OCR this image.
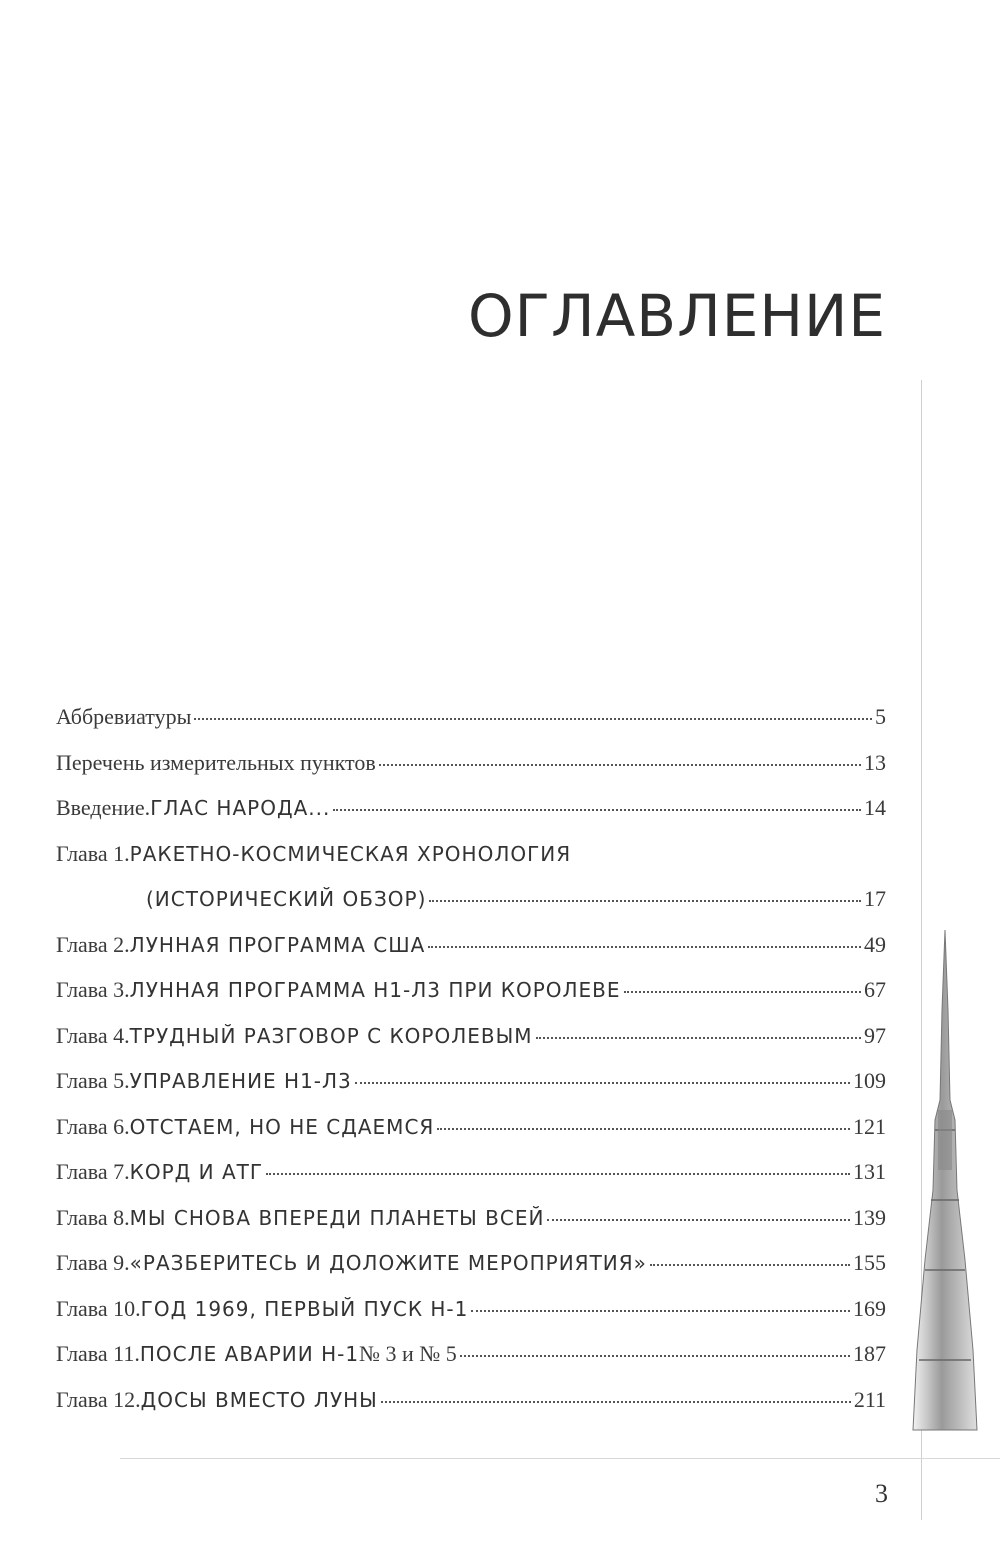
ОГЛАВЛЕНИЕ
Аббревиатуры	5
Перечень измерительных пунктов	13
Введение. ГЛАС НАРОДА...	14
Глава 1. РАКЕТНО-КОСМИЧЕСКАЯ ХРОНОЛОГИЯ
(ИСТОРИЧЕСКИЙ ОБЗОР)	17
Глава 2. ЛУННАЯ ПРОГРАММА США	49
Глава 3. ЛУННАЯ ПРОГРАММА Н1-Л3 ПРИ КОРОЛЕВЕ	67
Глава 4. ТРУДНЫЙ РАЗГОВОР С КОРОЛЕВЫМ	97
Глава 5. УПРАВЛЕНИЕ Н1-Л3	109
Глава 6. ОТСТАЕМ, НО НЕ СДАЕМСЯ	121
Глава 7. КОРД И АТГ	131
Глава 8. МЫ СНОВА ВПЕРЕДИ ПЛАНЕТЫ ВСЕЙ	139
Глава 9. «РАЗБЕРИТЕСЬ И ДОЛОЖИТЕ МЕРОПРИЯТИЯ»	155
Глава 10. ГОД 1969, ПЕРВЫЙ ПУСК Н-1	169
Глава 11. ПОСЛЕ АВАРИИ Н-1 № 3 и № 5	187
Глава 12. ДОСЫ ВМЕСТО ЛУНЫ	211
3
